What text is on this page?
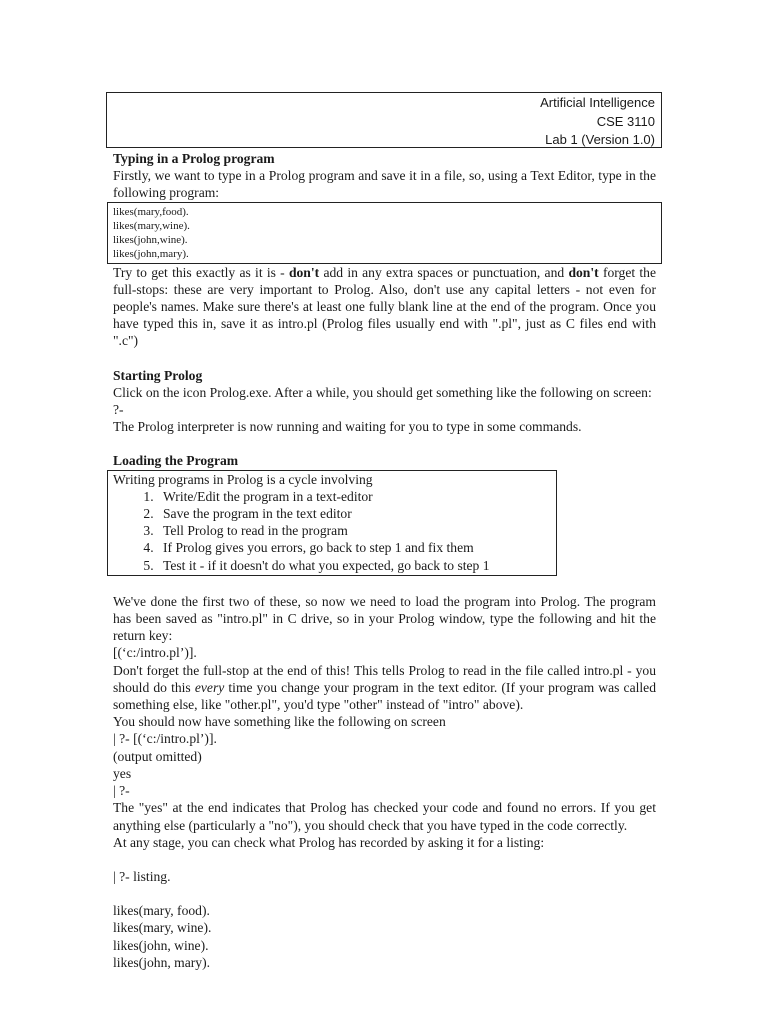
Artificial Intelligence
CSE 3110
Lab 1 (Version 1.0)

Typing in a Prolog program

Firstly, we want to type in a Prolog program and save it in a file, so, using a Text Editor, type in the following program:

likes(mary,food).
likes(mary,wine).
likes(john,wine).
likes(john,mary).

Try to get this exactly as it is - don't add in any extra spaces or punctuation, and don't forget the full-stops: these are very important to Prolog. Also, don't use any capital letters - not even for people's names. Make sure there's at least one fully blank line at the end of the program. Once you have typed this in, save it as intro.pl (Prolog files usually end with ".pl", just as C files end with ".c")

Starting Prolog

Click on the icon Prolog.exe. After a while, you should get something like the following on screen:

?-

The Prolog interpreter is now running and waiting for you to type in some commands.

Loading the Program

Writing programs in Prolog is a cycle involving
1. Write/Edit the program in a text-editor
2. Save the program in the text editor
3. Tell Prolog to read in the program
4. If Prolog gives you errors, go back to step 1 and fix them
5. Test it - if it doesn't do what you expected, go back to step 1

We've done the first two of these, so now we need to load the program into Prolog. The program has been saved as "intro.pl" in C drive, so in your Prolog window, type the following and hit the return key:

[(‘c:/intro.pl’)].

Don't forget the full-stop at the end of this! This tells Prolog to read in the file called intro.pl - you should do this every time you change your program in the text editor. (If your program was called something else, like "other.pl", you'd type "other" instead of "intro" above).

You should now have something like the following on screen

| ?- [(‘c:/intro.pl’)].

(output omitted)

yes

| ?-

The "yes" at the end indicates that Prolog has checked your code and found no errors. If you get anything else (particularly a "no"), you should check that you have typed in the code correctly.

At any stage, you can check what Prolog has recorded by asking it for a listing:

| ?- listing.

likes(mary, food).

likes(mary, wine).

likes(john, wine).

likes(john, mary).
